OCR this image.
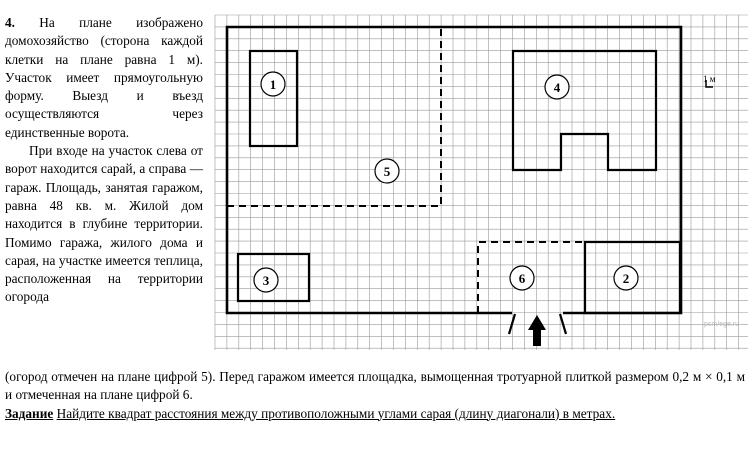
1	4
5
3	6	2
psm/ege.ru
1 м

4. На плане изображено домохозяйство (сторона каждой клетки на плане равна 1 м). Участок имеет прямоугольную форму. Выезд и въезд осуществляются через единственные ворота.

При входе на участок слева от ворот находится сарай, а справа — гараж. Площадь, занятая гаражом, равна 48 кв. м. Жилой дом находится в глубине территории. Помимо гаража, жилого дома и сарая, на участке имеется теплица, расположенная на территории огорода

(огород отмечен на плане цифрой 5). Перед гаражом имеется площадка, вымощенная тротуарной плиткой размером 0,2 м × 0,1 м и отмеченная на плане цифрой 6.

Задание Найдите квадрат расстояния между противоположными углами сарая (длину диагонали) в метрах.
